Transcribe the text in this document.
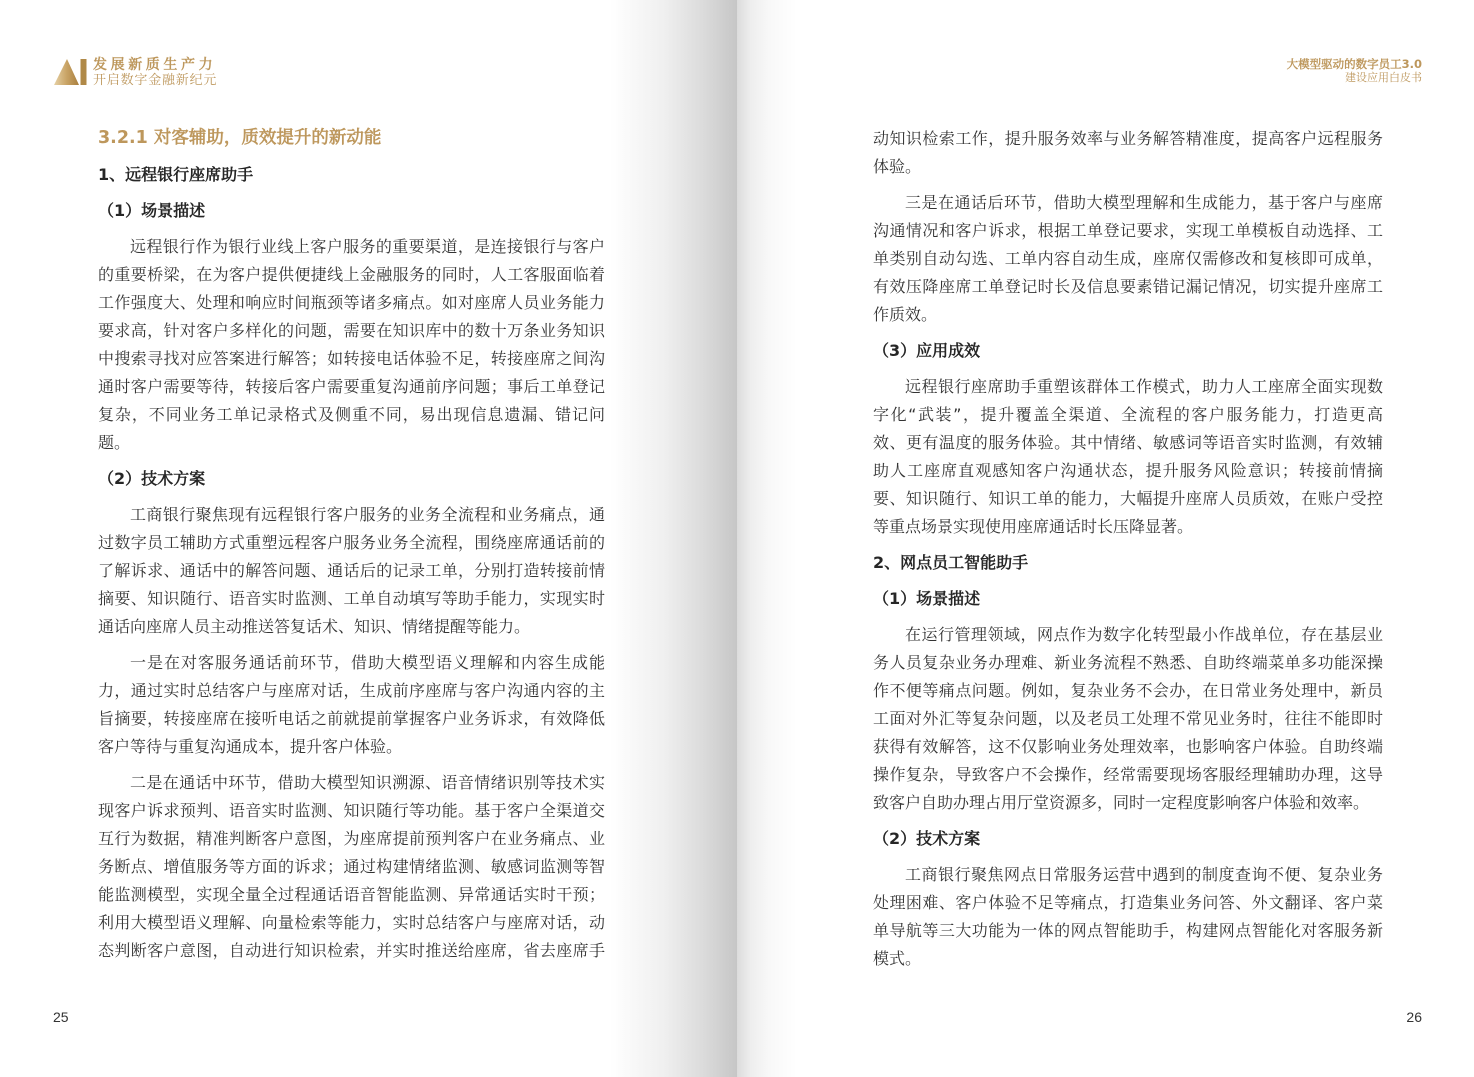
发展新质生产力
开启数字金融新纪元
3.2.1 对客辅助，质效提升的新动能
1、远程银行座席助手
（1）场景描述
远程银行作为银行业线上客户服务的重要渠道，是连接银行与客户
的重要桥梁，在为客户提供便捷线上金融服务的同时，人工客服面临着
工作强度大、处理和响应时间瓶颈等诸多痛点。如对座席人员业务能力
要求高，针对客户多样化的问题，需要在知识库中的数十万条业务知识
中搜索寻找对应答案进行解答；如转接电话体验不足，转接座席之间沟
通时客户需要等待，转接后客户需要重复沟通前序问题；事后工单登记
复杂，不同业务工单记录格式及侧重不同，易出现信息遗漏、错记问
题。
（2）技术方案
工商银行聚焦现有远程银行客户服务的业务全流程和业务痛点，通
过数字员工辅助方式重塑远程客户服务业务全流程，围绕座席通话前的
了解诉求、通话中的解答问题、通话后的记录工单，分别打造转接前情
摘要、知识随行、语音实时监测、工单自动填写等助手能力，实现实时
通话向座席人员主动推送答复话术、知识、情绪提醒等能力。
一是在对客服务通话前环节，借助大模型语义理解和内容生成能
力，通过实时总结客户与座席对话，生成前序座席与客户沟通内容的主
旨摘要，转接座席在接听电话之前就提前掌握客户业务诉求，有效降低
客户等待与重复沟通成本，提升客户体验。
二是在通话中环节，借助大模型知识溯源、语音情绪识别等技术实
现客户诉求预判、语音实时监测、知识随行等功能。基于客户全渠道交
互行为数据，精准判断客户意图，为座席提前预判客户在业务痛点、业
务断点、增值服务等方面的诉求；通过构建情绪监测、敏感词监测等智
能监测模型，实现全量全过程通话语音智能监测、异常通话实时干预；
利用大模型语义理解、向量检索等能力，实时总结客户与座席对话，动
态判断客户意图，自动进行知识检索，并实时推送给座席，省去座席手
25
大模型驱动的数字员工3.0
建设应用白皮书
动知识检索工作，提升服务效率与业务解答精准度，提高客户远程服务
体验。
三是在通话后环节，借助大模型理解和生成能力，基于客户与座席
沟通情况和客户诉求，根据工单登记要求，实现工单模板自动选择、工
单类别自动勾选、工单内容自动生成，座席仅需修改和复核即可成单，
有效压降座席工单登记时长及信息要素错记漏记情况，切实提升座席工
作质效。
（3）应用成效
远程银行座席助手重塑该群体工作模式，助力人工座席全面实现数
字化“武装”，提升覆盖全渠道、全流程的客户服务能力，打造更高
效、更有温度的服务体验。其中情绪、敏感词等语音实时监测，有效辅
助人工座席直观感知客户沟通状态，提升服务风险意识；转接前情摘
要、知识随行、知识工单的能力，大幅提升座席人员质效，在账户受控
等重点场景实现使用座席通话时长压降显著。
2、网点员工智能助手
（1）场景描述
在运行管理领域，网点作为数字化转型最小作战单位，存在基层业
务人员复杂业务办理难、新业务流程不熟悉、自助终端菜单多功能深操
作不便等痛点问题。例如，复杂业务不会办，在日常业务处理中，新员
工面对外汇等复杂问题，以及老员工处理不常见业务时，往往不能即时
获得有效解答，这不仅影响业务处理效率，也影响客户体验。自助终端
操作复杂，导致客户不会操作，经常需要现场客服经理辅助办理，这导
致客户自助办理占用厅堂资源多，同时一定程度影响客户体验和效率。
（2）技术方案
工商银行聚焦网点日常服务运营中遇到的制度查询不便、复杂业务
处理困难、客户体验不足等痛点，打造集业务问答、外文翻译、客户菜
单导航等三大功能为一体的网点智能助手，构建网点智能化对客服务新
模式。
26
